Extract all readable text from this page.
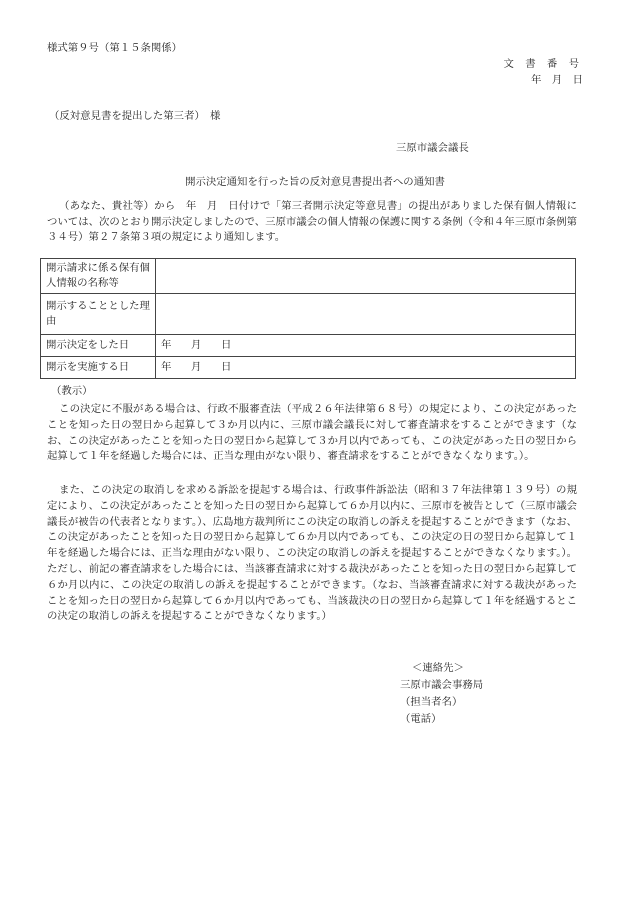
様式第９号（第１５条関係）
文 書 番 号
年　月　日
（反対意見書を提出した第三者）　様
三原市議会議長
開示決定通知を行った旨の反対意見書提出者への通知書
（あなた、貴社等）から　年　月　日付けで「第三者開示決定等意見書」の提出がありました保有個人情報については、次のとおり開示決定しましたので、三原市議会の個人情報の保護に関する条例（令和４年三原市条例第３４号）第２７条第３項の規定により通知します。
開示請求に係る保有個人情報の名称等	
開示することとした理由	
開示決定をした日	年 月 日
開示を実施する日	年 月 日
（教示）
この決定に不服がある場合は、行政不服審査法（平成２６年法律第６８号）の規定により、この決定があったことを知った日の翌日から起算して３か月以内に、三原市議会議長に対して審査請求をすることができます（なお、この決定があったことを知った日の翌日から起算して３か月以内であっても、この決定があった日の翌日から起算して１年を経過した場合には、正当な理由がない限り、審査請求をすることができなくなります。）。
また、この決定の取消しを求める訴訟を提起する場合は、行政事件訴訟法（昭和３７年法律第１３９号）の規定により、この決定があったことを知った日の翌日から起算して６か月以内に、三原市を被告として（三原市議会議長が被告の代表者となります。）、広島地方裁判所にこの決定の取消しの訴えを提起することができます（なお、この決定があったことを知った日の翌日から起算して６か月以内であっても、この決定の日の翌日から起算して１年を経過した場合には、正当な理由がない限り、この決定の取消しの訴えを提起することができなくなります。）。ただし、前記の審査請求をした場合には、当該審査請求に対する裁決があったことを知った日の翌日から起算して６か月以内に、この決定の取消しの訴えを提起することができます。（なお、当該審査請求に対する裁決があったことを知った日の翌日から起算して６か月以内であっても、当該裁決の日の翌日から起算して１年を経過するとこの決定の取消しの訴えを提起することができなくなります。）
＜連絡先＞
三原市議会事務局
（担当者名）
（電話）
